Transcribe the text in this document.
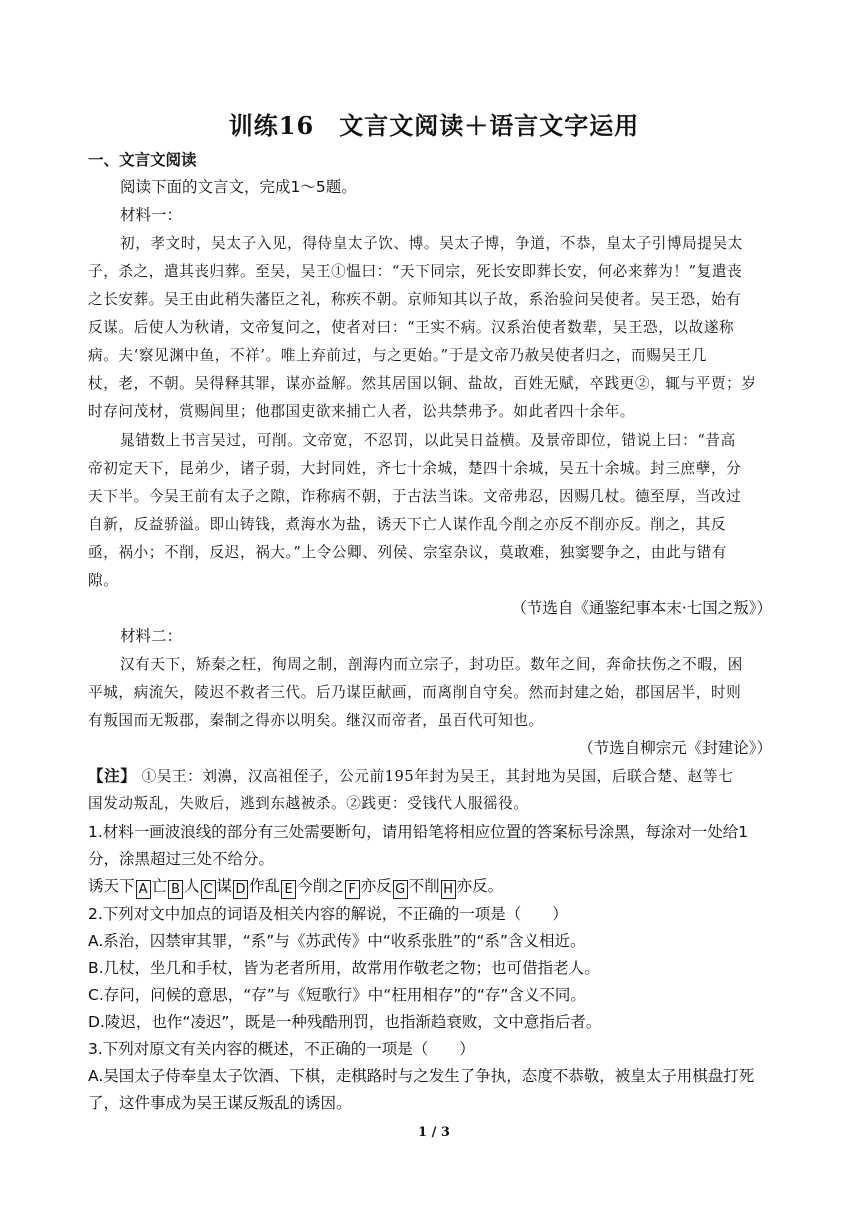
训练16　文言文阅读＋语言文字运用
一、文言文阅读
阅读下面的文言文，完成1～5题。
材料一：
初，孝文时，吴太子入见，得侍皇太子饮、博。吴太子博，争道，不恭，皇太子引博局提吴太
子，杀之，遣其丧归葬。至吴，吴王①愠曰：“天下同宗，死长安即葬长安，何必来葬为！”复遣丧
之长安葬。吴王由此稍失藩臣之礼，称疾不朝。京师知其以子故，系治验问吴使者。吴王恐，始有
反谋。后使人为秋请，文帝复问之，使者对曰：“王实不病。汉系治使者数辈，吴王恐，以故遂称
病。夫‘察见渊中鱼，不祥’。唯上弃前过，与之更始。”于是文帝乃赦吴使者归之，而赐吴王几
杖，老，不朝。吴得释其罪，谋亦益解。然其居国以铜、盐故，百姓无赋，卒践更②，辄与平贾；岁
时存问茂材，赏赐闾里；他郡国吏欲来捕亡人者，讼共禁弗予。如此者四十余年。
晁错数上书言吴过，可削。文帝宽，不忍罚，以此吴日益横。及景帝即位，错说上曰：“昔高
帝初定天下，昆弟少，诸子弱，大封同姓，齐七十余城，楚四十余城，吴五十余城。封三庶孽，分
天下半。今吴王前有太子之隙，诈称病不朝，于古法当诛。文帝弗忍，因赐几杖。德至厚，当改过
自新，反益骄溢。即山铸钱，煮海水为盐，诱天下亡人谋作乱今削之亦反不削亦反。削之，其反
亟，祸小；不削，反迟，祸大。”上令公卿、列侯、宗室杂议，莫敢难，独窦婴争之，由此与错有
隙。
（节选自《通鉴纪事本末·七国之叛》）
材料二：
汉有天下，矫秦之枉，徇周之制，剖海内而立宗子，封功臣。数年之间，奔命扶伤之不暇，困
平城，病流矢，陵迟不救者三代。后乃谋臣献画，而离削自守矣。然而封建之始，郡国居半，时则
有叛国而无叛郡，秦制之得亦以明矣。继汉而帝者，虽百代可知也。
（节选自柳宗元《封建论》）
【注】 ①吴王：刘濞，汉高祖侄子，公元前195年封为吴王，其封地为吴国，后联合楚、赵等七
国发动叛乱，失败后，逃到东越被杀。②践更：受钱代人服徭役。
1.材料一画波浪线的部分有三处需要断句，请用铅笔将相应位置的答案标号涂黑，每涂对一处给1
分，涂黑超过三处不给分。
诱天下 A 亡 B 人 C 谋 D 作乱 E 今削之 F 亦反 G 不削 H 亦反。
2.下列对文中加点的词语及相关内容的解说，不正确的一项是（　　）
A.系治，囚禁审其罪，“系”与《苏武传》中“收系张胜”的“系”含义相近。
B.几杖，坐几和手杖，皆为老者所用，故常用作敬老之物；也可借指老人。
C.存问，问候的意思，“存”与《短歌行》中“枉用相存”的“存”含义不同。
D.陵迟，也作“凌迟”，既是一种残酷刑罚，也指渐趋衰败，文中意指后者。
3.下列对原文有关内容的概述，不正确的一项是（　　）
A.吴国太子侍奉皇太子饮酒、下棋，走棋路时与之发生了争执，态度不恭敬，被皇太子用棋盘打死
了，这件事成为吴王谋反叛乱的诱因。
1 / 3
